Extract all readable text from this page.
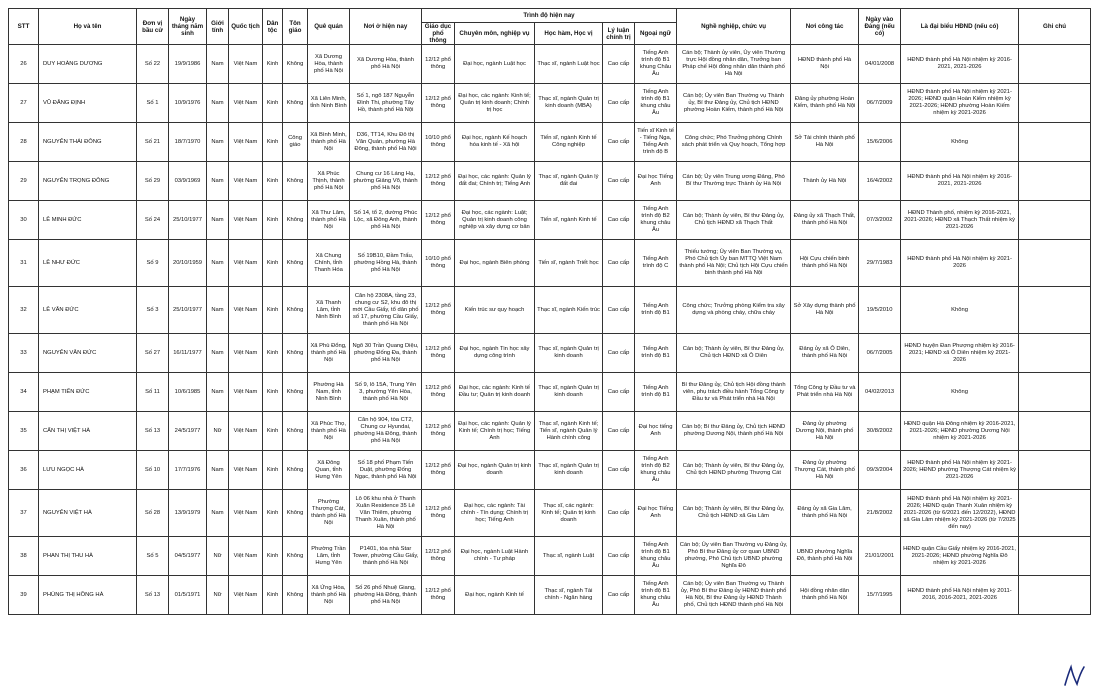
STT	Họ và tên	Đơn vị bầu cử	Ngày tháng năm sinh	Giới tính	Quốc tịch	Dân tộc	Tôn giáo	Quê quán	Nơi ở hiện nay	Trình độ hiện nay					Nghề nghiệp, chức vụ	Nơi công tác	Ngày vào Đảng (nếu có)	Là đại biểu HĐND (nếu có)	Ghi chú
										Giáo dục phổ thông	Chuyên môn, nghiệp vụ	Học hàm, Học vị	Lý luận chính trị	Ngoại ngữ					
26	DUY HOÀNG DƯƠNG	Số 22	19/9/1986	Nam	Việt Nam	Kinh	Không	Xã Dương Hòa, thành phố Hà Nội	Xã Dương Hòa, thành phố Hà Nội	12/12 phổ thông	Đại học, ngành Luật học	Thạc sĩ, ngành Luật học	Cao cấp	Tiếng Anh trình độ B1 khung Châu Âu	Cán bộ; Thành ủy viên, Ủy viên Thường trực Hội đồng nhân dân, Trưởng ban Pháp chế Hội đồng nhân dân thành phố Hà Nội	HĐND thành phố Hà Nội	04/01/2008	HĐND thành phố Hà Nội nhiệm kỳ 2016-2021, 2021-2026	
27	VŨ ĐĂNG ĐỊNH	Số 1	10/9/1976	Nam	Việt Nam	Kinh	Không	Xã Liên Minh, tỉnh Ninh Bình	Số 1, ngõ 187 Nguyễn Đình Thi, phường Tây Hồ, thành phố Hà Nội	12/12 phổ thông	Đại học, các ngành: Kinh tế; Quản trị kinh doanh; Chính trị học	Thạc sĩ, ngành Quản trị kinh doanh (MBA)	Cao cấp	Tiếng Anh trình độ B1 khung châu Âu	Cán bộ; Ủy viên Ban Thường vụ Thành ủy, Bí thư Đảng ủy, Chủ tịch HĐND phường Hoàn Kiếm, thành phố Hà Nội	Đảng ủy phường Hoàn Kiếm, thành phố Hà Nội	06/7/2009	HĐND thành phố Hà Nội nhiệm kỳ 2021-2026; HĐND quận Hoàn Kiếm nhiệm kỳ 2021-2026; HĐND phường Hoàn Kiếm nhiệm kỳ 2021-2026	
28	NGUYỄN THÁI ĐÔNG	Số 21	18/7/1970	Nam	Việt Nam	Kinh	Công giáo	Xã Bình Minh, thành phố Hà Nội	D36, TT14, Khu Đô thị Văn Quán, phường Hà Đông, thành phố Hà Nội	10/10 phổ thông	Đại học, ngành Kế hoạch hóa kinh tế - Xã hội	Tiến sĩ, ngành Kinh tế Công nghiệp	Cao cấp	Tiến sĩ Kinh tế - Tiếng Nga, Tiếng Anh trình độ B	Công chức; Phó Trưởng phòng Chính sách phát triển và Quy hoạch, Tổng hợp	Sở Tài chính thành phố Hà Nội	15/6/2006	Không	
29	NGUYỄN TRỌNG ĐÔNG	Số 29	03/9/1969	Nam	Việt Nam	Kinh	Không	Xã Phúc Thịnh, thành phố Hà Nội	Chung cư 16 Láng Hạ, phường Giảng Võ, thành phố Hà Nội	12/12 phổ thông	Đại học, các ngành: Quản lý đất đai; Chính trị; Tiếng Anh	Thạc sĩ, ngành Quản lý đất đai	Cao cấp	Đại học Tiếng Anh	Cán bộ; Ủy viên Trung ương Đảng, Phó Bí thư Thường trực Thành ủy Hà Nội	Thành ủy Hà Nội	16/4/2002	HĐND thành phố Hà Nội nhiệm kỳ 2016-2021, 2021-2026	
30	LÊ MINH ĐỨC	Số 24	25/10/1977	Nam	Việt Nam	Kinh	Không	Xã Thư Lâm, thành phố Hà Nội	Số 14, tổ 2, đường Phúc Lộc, xã Đông Anh, thành phố Hà Nội	12/12 phổ thông	Đại học, các ngành: Luật; Quản trị kinh doanh công nghiệp và xây dựng cơ bản	Tiến sĩ, ngành Kinh tế	Cao cấp	Tiếng Anh trình độ B2 khung châu Âu	Cán bộ; Thành ủy viên, Bí thư Đảng ủy, Chủ tịch HĐND xã Thạch Thất	Đảng ủy xã Thạch Thất, thành phố Hà Nội	07/3/2002	HĐND Thành phố, nhiệm kỳ 2016-2021, 2021-2026; HĐND xã Thạch Thất nhiệm kỳ 2021-2026	
31	LÊ NHƯ ĐỨC	Số 9	20/10/1959	Nam	Việt Nam	Kinh	Không	Xã Chung Chính, tỉnh Thanh Hóa	Số 19B10, Đầm Trấu, phường Hồng Hà, thành phố Hà Nội	10/10 phổ thông	Đại học, ngành Biên phòng	Tiến sĩ, ngành Triết học	Cao cấp	Tiếng Anh trình độ C	Thiếu tướng; Ủy viên Ban Thường vụ, Phó Chủ tịch Ủy ban MTTQ Việt Nam thành phố Hà Nội; Chủ tịch Hội Cựu chiến binh thành phố Hà Nội	Hội Cựu chiến binh thành phố Hà Nội	29/7/1983	HĐND thành phố Hà Nội nhiệm kỳ 2021-2026	
32	LÊ VĂN ĐỨC	Số 3	25/10/1977	Nam	Việt Nam	Kinh	Không	Xã Thanh Lâm, tỉnh Ninh Bình	Căn hộ 2308A, tầng 23, chung cư S2, khu đô thị mới Cầu Giấy, tổ dân phố số 17, phường Cầu Giấy, thành phố Hà Nội	12/12 phổ thông	Kiến trúc sư quy hoạch	Thạc sĩ, ngành Kiến trúc	Cao cấp	Tiếng Anh trình độ B1	Công chức; Trưởng phòng Kiểm tra xây dựng và phòng cháy, chữa cháy	Sở Xây dựng thành phố Hà Nội	19/5/2010	Không	
33	NGUYỄN VĂN ĐỨC	Số 27	16/11/1977	Nam	Việt Nam	Kinh	Không	Xã Phù Đổng, thành phố Hà Nội	Ngõ 30 Trần Quang Diệu, phường Đống Đa, thành phố Hà Nội	12/12 phổ thông	Đại học, ngành Tin học xây dựng công trình	Thạc sĩ, ngành Quản trị kinh doanh	Cao cấp	Tiếng Anh trình độ B1	Cán bộ; Thành ủy viên, Bí thư Đảng ủy, Chủ tịch HĐND xã Ô Diên	Đảng ủy xã Ô Diên, thành phố Hà Nội	06/7/2005	HĐND huyện Đan Phượng nhiệm kỳ 2016-2021; HĐND xã Ô Diên nhiệm kỳ 2021-2026	
34	PHẠM TIẾN ĐỨC	Số 11	10/6/1985	Nam	Việt Nam	Kinh	Không	Phường Hà Nam, tỉnh Ninh Bình	Số 9, lô 15A, Trung Yên 3, phường Yên Hòa, thành phố Hà Nội	12/12 phổ thông	Đại học, các ngành: Kinh tế Đầu tư; Quản trị kinh doanh	Thạc sĩ, ngành Quản trị kinh doanh	Cao cấp	Tiếng Anh trình độ B1	Bí thư Đảng ủy, Chủ tịch Hội đồng thành viên, phụ trách điều hành Tổng Công ty Đầu tư và Phát triển nhà Hà Nội	Tổng Công ty Đầu tư và Phát triển nhà Hà Nội	04/02/2013	Không	
35	CẤN THỊ VIỆT HÀ	Số 13	24/5/1977	Nữ	Việt Nam	Kinh	Không	Xã Phúc Thọ, thành phố Hà Nội	Căn hộ 904, tòa CT2, Chung cư Hyundai, phường Hà Đông, thành phố Hà Nội	12/12 phổ thông	Đại học, các ngành: Quản lý Kinh tế; Chính trị học; Tiếng Anh	Thạc sĩ, ngành Kinh tế; Tiến sĩ, ngành Quản lý Hành chính công	Cao cấp	Đại học tiếng Anh	Cán bộ; Bí thư Đảng ủy, Chủ tịch HĐND phường Dương Nội, thành phố Hà Nội	Đảng ủy phường Dương Nội, thành phố Hà Nội	30/8/2002	HĐND quận Hà Đông nhiệm kỳ 2016-2021, 2021-2026; HĐND phường Dương Nội nhiệm kỳ 2021-2026	
36	LƯU NGỌC HÀ	Số 10	17/7/1976	Nam	Việt Nam	Kinh	Không	Xã Đông Quan, tỉnh Hưng Yên	Số 18 phố Phạm Tiến Duật, phường Đống Ngạc, thành phố Hà Nội	12/12 phổ thông	Đại học, ngành Quản trị kinh doanh	Thạc sĩ, ngành Quản trị kinh doanh	Cao cấp	Tiếng Anh trình độ B2 khung châu Âu	Cán bộ; Thành ủy viên, Bí thư Đảng ủy, Chủ tịch HĐND phường Thượng Cát	Đảng ủy phường Thượng Cát, thành phố Hà Nội	09/3/2004	HĐND thành phố Hà Nội nhiệm kỳ 2021-2026; HĐND phường Thượng Cát nhiệm kỳ 2021-2026	
37	NGUYỄN VIỆT HÀ	Số 28	13/9/1979	Nam	Việt Nam	Kinh	Không	Phường Thượng Cát, thành phố Hà Nội	Lô 06 khu nhà ở Thanh Xuân Residence 35 Lê Văn Thiêm, phường Thanh Xuân, thành phố Hà Nội	12/12 phổ thông	Đại học, các ngành: Tài chính - Tín dụng; Chính trị học; Tiếng Anh	Thạc sĩ, các ngành: Kinh tế; Quản trị kinh doanh	Cao cấp	Đại học Tiếng Anh	Cán bộ; Thành ủy viên, Bí thư Đảng ủy, Chủ tịch HĐND xã Gia Lâm	Đảng ủy xã Gia Lâm, thành phố Hà Nội	21/8/2002	HĐND thành phố Hà Nội nhiệm kỳ 2021-2026; HĐND quận Thanh Xuân nhiệm kỳ 2021-2026 (từ 6/2021 đến 12/2022), HĐND xã Gia Lâm nhiệm kỳ 2021-2026 (từ 7/2025 đến nay)	
38	PHAN THỊ THU HÀ	Số 5	04/5/1977	Nữ	Việt Nam	Kinh	Không	Phường Trần Lãm, tỉnh Hưng Yên	P1401, tòa nhà Star Tower, phường Cầu Giấy, thành phố Hà Nội	12/12 phổ thông	Đại học, ngành Luật Hành chính - Tư pháp	Thạc sĩ, ngành Luật	Cao cấp	Tiếng Anh trình độ B1 khung châu Âu	Cán bộ; Ủy viên Ban Thường vụ Đảng ủy, Phó Bí thư Đảng ủy cơ quan UBND phường, Phó Chủ tịch UBND phường Nghĩa Đô	UBND phường Nghĩa Đô, thành phố Hà Nội	21/01/2001	HĐND quận Cầu Giấy nhiệm kỳ 2016-2021, 2021-2026; HĐND phường Nghĩa Đô nhiệm kỳ 2021-2026	
39	PHÙNG THỊ HỒNG HÀ	Số 13	01/5/1971	Nữ	Việt Nam	Kinh	Không	Xã Ứng Hòa, thành phố Hà Nội	Số 26 phố Nhuệ Giang, phường Hà Đông, thành phố Hà Nội	12/12 phổ thông	Đại học, ngành Kinh tế	Thạc sĩ, ngành Tài chính - Ngân hàng	Cao cấp	Tiếng Anh trình độ B1 khung châu Âu	Cán bộ; Ủy viên Ban Thường vụ Thành ủy, Phó Bí thư Đảng ủy HĐND thành phố Hà Nội, Bí thư Đảng ủy HĐND Thành phố, Chủ tịch HĐND thành phố Hà Nội	Hội đồng nhân dân thành phố Hà Nội	15/7/1995	HĐND thành phố Hà Nội nhiệm kỳ 2011-2016, 2016-2021, 2021-2026	
